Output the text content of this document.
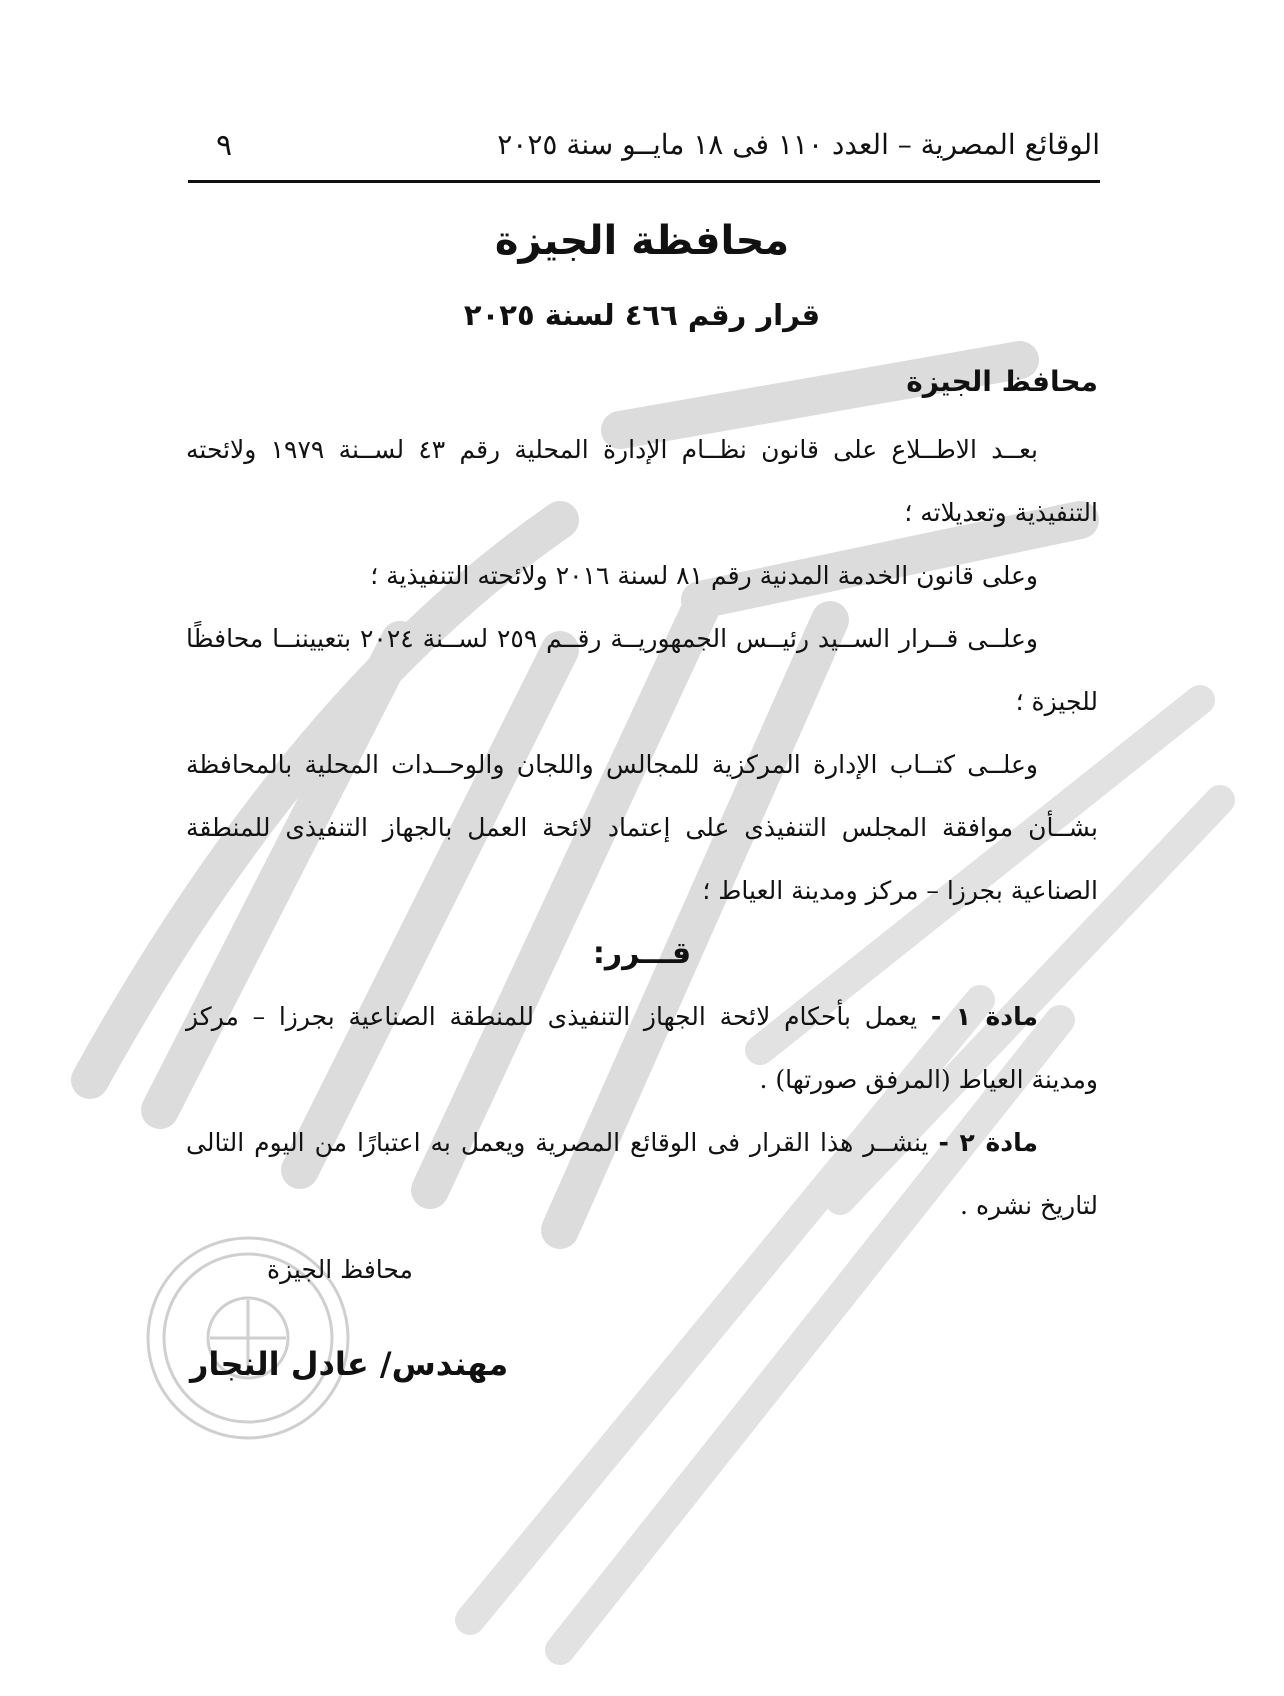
الوقائع المصرية – العدد ١١٠ فى ١٨ مايــو سنة ٢٠٢٥
٩
محافظة الجيزة
قرار رقم ٤٦٦ لسنة ٢٠٢٥
محافظ الجيزة

بعــد الاطــلاع على قانون نظــام الإدارة المحلية رقم ٤٣ لســنة ١٩٧٩ ولائحته التنفيذية وتعديلاته ؛

وعلى قانون الخدمة المدنية رقم ٨١ لسنة ٢٠١٦ ولائحته التنفيذية ؛

وعلــى قــرار الســيد رئيــس الجمهوريــة رقــم ٢٥٩ لســنة ٢٠٢٤ بتعييننــا محافظًا للجيزة ؛

وعلــى كتــاب الإدارة المركزية للمجالس واللجان والوحــدات المحلية بالمحافظة بشــأن موافقة المجلس التنفيذى على إعتماد لائحة العمل بالجهاز التنفيذى للمنطقة الصناعية بجرزا – مركز ومدينة العياط ؛

قـــرر:

مادة ١ - يعمل بأحكام لائحة الجهاز التنفيذى للمنطقة الصناعية بجرزا – مركز ومدينة العياط (المرفق صورتها) .

مادة ٢ - ينشــر هذا القرار فى الوقائع المصرية ويعمل به اعتبارًا من اليوم التالى لتاريخ نشره .

محافظ الجيزة
مهندس/ عادل النجار
